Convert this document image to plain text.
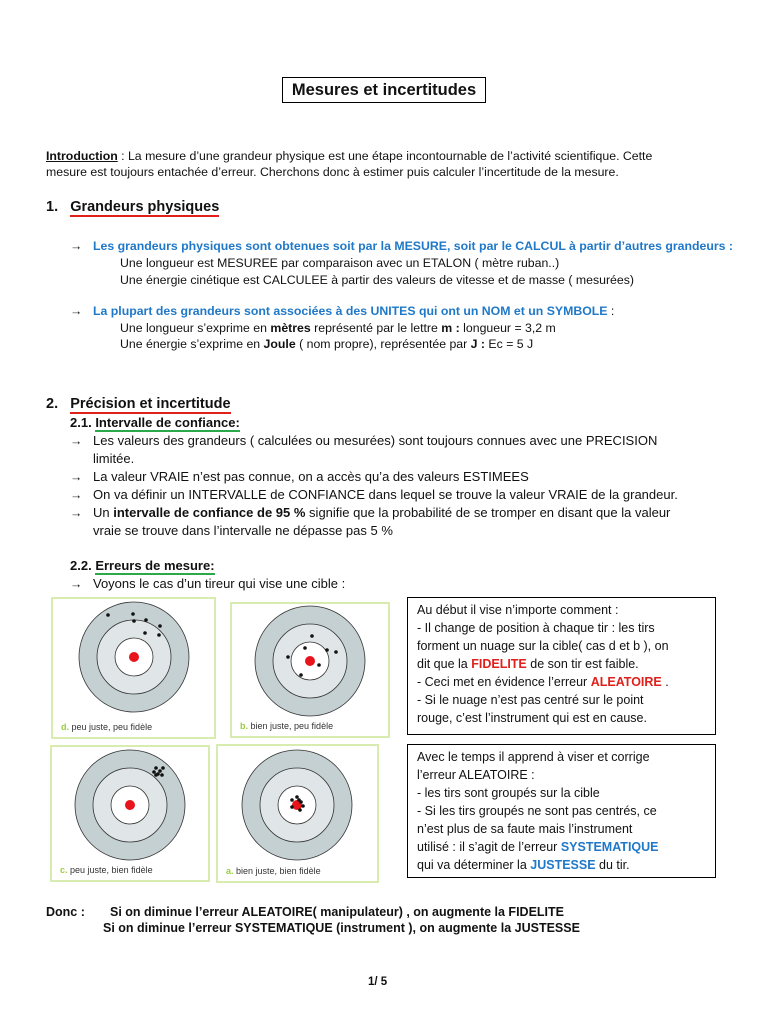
Mesures et incertitudes
Introduction : La mesure d’une grandeur physique est une étape incontournable de l’activité scientifique. Cette
mesure est toujours entachée d’erreur. Cherchons donc à estimer puis calculer l’incertitude de la mesure.
1. Grandeurs physiques
→ Les grandeurs physiques sont obtenues soit par la MESURE, soit par le CALCUL à partir d’autres grandeurs :
Une longueur est MESUREE par comparaison avec un ETALON ( mètre ruban..)
Une énergie cinétique est CALCULEE à partir des valeurs de vitesse et de masse ( mesurées)
→ La plupart des grandeurs sont associées à des UNITES qui ont un NOM et un SYMBOLE :
Une longueur s’exprime en mètres représenté par le lettre m : longueur = 3,2 m
Une énergie s’exprime en Joule ( nom propre), représentée par J : Ec = 5 J
2. Précision et incertitude
2.1. Intervalle de confiance:
→ Les valeurs des grandeurs ( calculées ou mesurées) sont toujours connues avec une PRECISION
limitée.
→ La valeur VRAIE n’est pas connue, on a accès qu’a des valeurs ESTIMEES
→ On va définir un INTERVALLE de CONFIANCE dans lequel se trouve la valeur VRAIE de la grandeur.
→ Un intervalle de confiance de 95 % signifie que la probabilité de se tromper en disant que la valeur
vraie se trouve dans l’intervalle ne dépasse pas 5 %
2.2. Erreurs de mesure:
→ Voyons le cas d’un tireur qui vise une cible :
d. peu juste, peu fidèle	b. bien juste, peu fidèle
c. peu juste, bien fidèle	a. bien juste, bien fidèle
Au début il vise n’importe comment :
- Il change de position à chaque tir : les tirs
forment un nuage sur la cible( cas d et b ), on
dit que la FIDELITE de son tir est faible.
- Ceci met en évidence l’erreur ALEATOIRE .
- Si le nuage n’est pas centré sur le point
rouge, c’est l’instrument qui est en cause.
Avec le temps il apprend à viser et corrige
l’erreur ALEATOIRE :
- les tirs sont groupés sur la cible
- Si les tirs groupés ne sont pas centrés, ce
n’est plus de sa faute mais l’instrument
utilisé : il s’agit de l’erreur SYSTEMATIQUE
qui va déterminer la JUSTESSE du tir.
Donc : Si on diminue l’erreur ALEATOIRE( manipulateur) , on augmente la FIDELITE
Si on diminue l’erreur SYSTEMATIQUE (instrument ), on augmente la JUSTESSE
1/ 5
